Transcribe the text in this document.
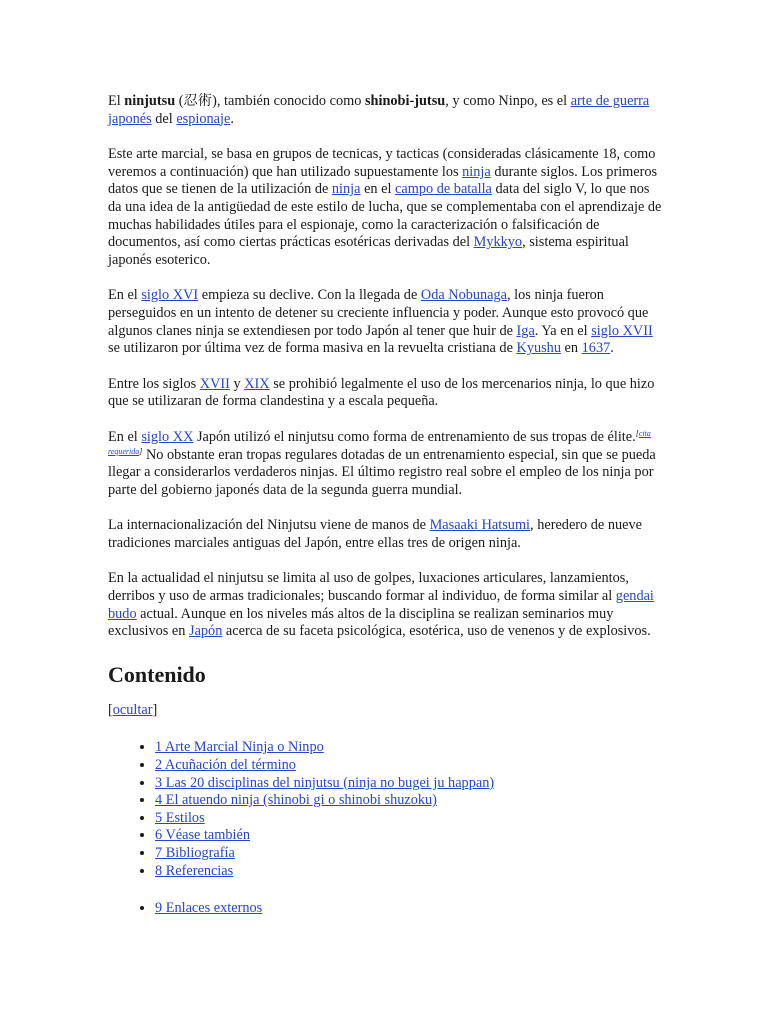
El ninjutsu (忍術), también conocido como shinobi-jutsu, y como Ninpo, es el arte de guerra japonés del espionaje.

Este arte marcial, se basa en grupos de tecnicas, y tacticas (consideradas clásicamente 18, como veremos a continuación) que han utilizado supuestamente los ninja durante siglos. Los primeros datos que se tienen de la utilización de ninja en el campo de batalla data del siglo V, lo que nos da una idea de la antigüedad de este estilo de lucha, que se complementaba con el aprendizaje de muchas habilidades útiles para el espionaje, como la caracterización o falsificación de documentos, así como ciertas prácticas esotéricas derivadas del Mykkyo, sistema espiritual japonés esoterico.

En el siglo XVI empieza su declive. Con la llegada de Oda Nobunaga, los ninja fueron perseguidos en un intento de detener su creciente influencia y poder. Aunque esto provocó que algunos clanes ninja se extendiesen por todo Japón al tener que huir de Iga. Ya en el siglo XVII se utilizaron por última vez de forma masiva en la revuelta cristiana de Kyushu en 1637.

Entre los siglos XVII y XIX se prohibió legalmente el uso de los mercenarios ninja, lo que hizo que se utilizaran de forma clandestina y a escala pequeña.

En el siglo XX Japón utilizó el ninjutsu como forma de entrenamiento de sus tropas de élite.[cita requerida] No obstante eran tropas regulares dotadas de un entrenamiento especial, sin que se pueda llegar a considerarlos verdaderos ninjas. El último registro real sobre el empleo de los ninja por parte del gobierno japonés data de la segunda guerra mundial.

La internacionalización del Ninjutsu viene de manos de Masaaki Hatsumi, heredero de nueve tradiciones marciales antiguas del Japón, entre ellas tres de origen ninja.

En la actualidad el ninjutsu se limita al uso de golpes, luxaciones articulares, lanzamientos, derribos y uso de armas tradicionales; buscando formar al individuo, de forma similar al gendai budo actual. Aunque en los niveles más altos de la disciplina se realizan seminarios muy exclusivos en Japón acerca de su faceta psicológica, esotérica, uso de venenos y de explosivos.

Contenido
[ocultar]
• 1 Arte Marcial Ninja o Ninpo
• 2 Acuñación del término
• 3 Las 20 disciplinas del ninjutsu (ninja no bugei ju happan)
• 4 El atuendo ninja (shinobi gi o shinobi shuzoku)
• 5 Estilos
• 6 Véase también
• 7 Bibliografía
• 8 Referencias
• 9 Enlaces externos
